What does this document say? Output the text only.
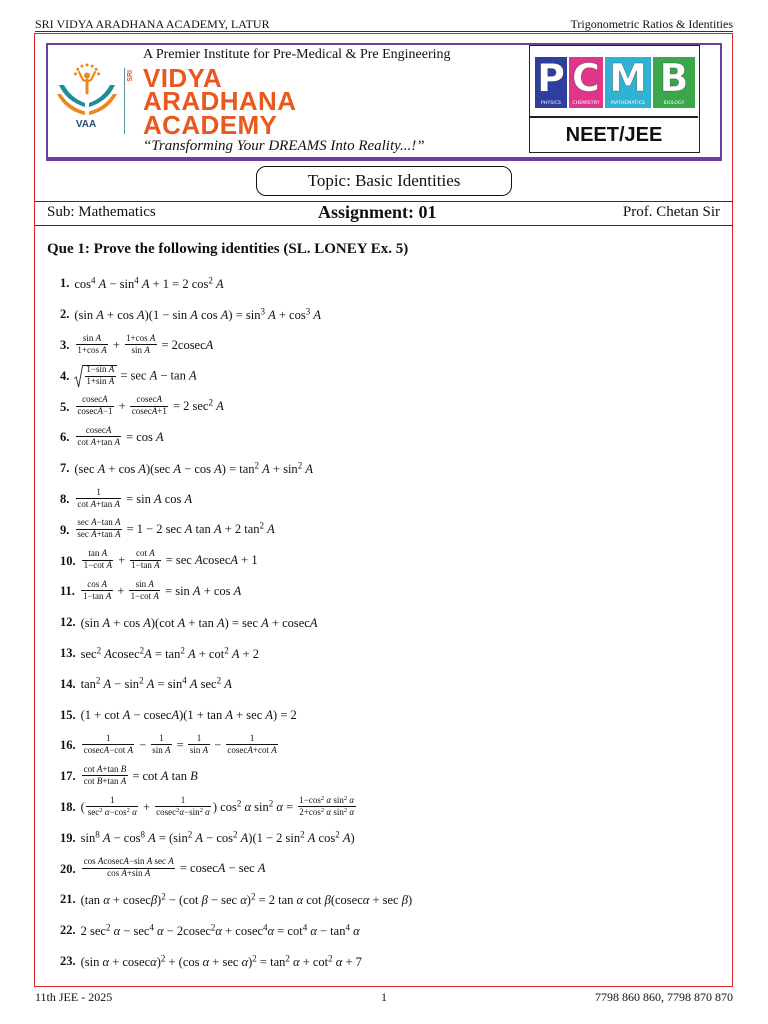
SRI VIDYA ARADHANA ACADEMY, LATUR	Trigonometric Ratios & Identities
A Premier Institute for Pre-Medical & Pre Engineering
VAA
SRI VIDYA
ARADHANA
ACADEMY
“Transforming Your DREAMS Into Reality...!”
P
PHYSICS
C
CHEMISTRY
M
MATHEMATICS
B
BIOLOGY
NEET/JEE
Topic: Basic Identities
Sub: Mathematics	Assignment: 01	Prof. Chetan Sir
Que 1: Prove the following identities (SL. LONEY Ex. 5)
1. $\cos^4 A - \sin^4 A + 1 = 2$ $\cos^2 A$
2. (sin A + cos A)(1 − sin A $\cos A) = \sin^3 A + \cos^3 A$
3. $\frac{\text{sin A}}{\text{1+cos A}} + \frac{\text{1+cos A}}{\text{sin A}} = 2cosecA$
4. $\frac{\text{1−sin A}}{\text{1+sin A}} = \sec A - \tan A$
5. $\frac{cosecA}{cosecA-1} + \frac{cosecA}{cosecA+1} = 2$ $\sec^2 A$
6. $\frac{cosecA}{\text{cot A+tan A}} = \cos A$
7. (sec A + cos A)(sec $A - \cos A) = \tan^2 A + \sin^2 A$
8. $\frac{1}{\text{cot A+tan A}} = \sin A$ cos A
9. $\frac{\text{sec A−tan A}}{\text{sec A+tan A}} = 1 - 2$ sec A tan A + 2 $\tan^2 A$
10. $\frac{\text{tan A}}{\text{1−cot A}} + \frac{\text{cot A}}{\text{1−tan A}} = \sec AcosecA + 1$
11. $\frac{\text{cos A}}{\text{1−tan A}} + \frac{\text{sin A}}{\text{1−cot A}} = \sin A + \cos A$
12. (sin A + cos A)(cot A + tan A) = sec A + cosecA
13. $\sec^2 Acosec^2A = \tan^2 A + \cot^2 A + 2$
14. $\tan^2 A - \sin^2 A = \sin^4 A$ $\sec^2 A$
15. (1 + cot A − cosecA)(1 + tan A + sec A) = 2
16. $\frac{1}{\text{cosecA−cot A}} - \frac{1}{\text{sin A}} = \frac{1}{\text{sin A}} - \frac{1}{\text{cosecA+cot A}}$
17. $\frac{\text{cot A+tan B}}{\text{cot B+tan A}} = \cot A$ tan B
18. ( $\frac{1}{\sec^2 \alpha-\cos^2 \alpha} + \frac{1}{cosec^2\alpha-\sin^2 \alpha}$ ) $\cos^2 \alpha$ $\sin^2 \alpha = \frac{1-\cos^2 \alpha \sin^2 \alpha}{2+\cos^2 \alpha \sin^2 \alpha}$
19. $\sin^8 A - \cos^8 A = (\sin^2$ $A - \cos^2 A)(1 - 2$ $\sin^2 A$ $\cos^2 A$)
20. $\frac{\text{cos AcosecA−sin A sec A}}{\text{cos A+sin A}} = cosecA - \sec A$
21. (tan α + cosecβ)$^2$ − (cot β − sec α)$^2$ = 2 tan α cot β(cosecα + sec β)
22. 2 $\sec^2 \alpha - \sec^4 \alpha - 2cosec^2\alpha + cosec^4\alpha = \cot^4 \alpha - \tan^4 \alpha$
23. (sin α + cosecα)$^2$ + (cos $\alpha + \sec \alpha)^2 = \tan^2 \alpha + \cot^2 \alpha + 7$
11th JEE - 2025	1	7798 860 860, 7798 870 870
